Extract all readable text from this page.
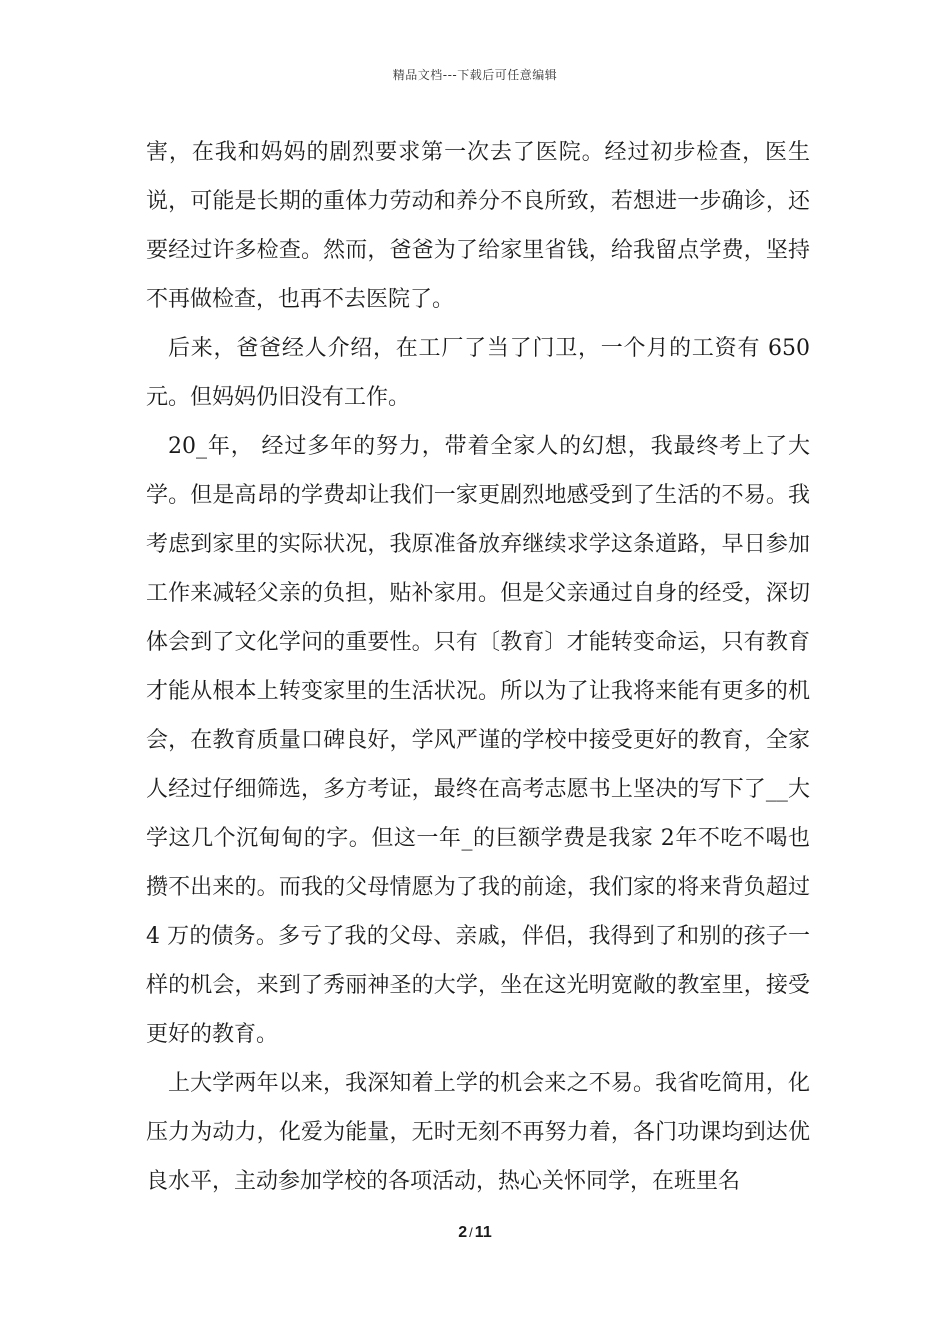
精品文档---下载后可任意编辑

害，在我和妈妈的剧烈要求第一次去了医院。经过初步检查，医生说，可能是长期的重体力劳动和养分不良所致，若想进一步确诊，还要经过许多检查。然而，爸爸为了给家里省钱，给我留点学费，坚持不再做检查，也再不去医院了。

后来，爸爸经人介绍，在工厂了当了门卫，一个月的工资有 650元。但妈妈仍旧没有工作。

20_年， 经过多年的努力，带着全家人的幻想，我最终考上了大学。但是高昂的学费却让我们一家更剧烈地感受到了生活的不易。我考虑到家里的实际状况，我原准备放弃继续求学这条道路，早日参加工作来减轻父亲的负担，贴补家用。但是父亲通过自身的经受，深切体会到了文化学问的重要性。只有〔教育〕才能转变命运，只有教育才能从根本上转变家里的生活状况。所以为了让我将来能有更多的机会，在教育质量口碑良好，学风严谨的学校中接受更好的教育，全家人经过仔细筛选，多方考证，最终在高考志愿书上坚决的写下了__大学这几个沉甸甸的字。但这一年_的巨额学费是我家 2年不吃不喝也攒不出来的。而我的父母情愿为了我的前途，我们家的将来背负超过 4 万的债务。多亏了我的父母、亲戚，伴侣，我得到了和别的孩子一样的机会，来到了秀丽神圣的大学，坐在这光明宽敞的教室里，接受更好的教育。

上大学两年以来，我深知着上学的机会来之不易。我省吃简用，化压力为动力，化爱为能量，无时无刻不再努力着，各门功课均到达优良水平，主动参加学校的各项活动，热心关怀同学，在班里名

2 / 11
